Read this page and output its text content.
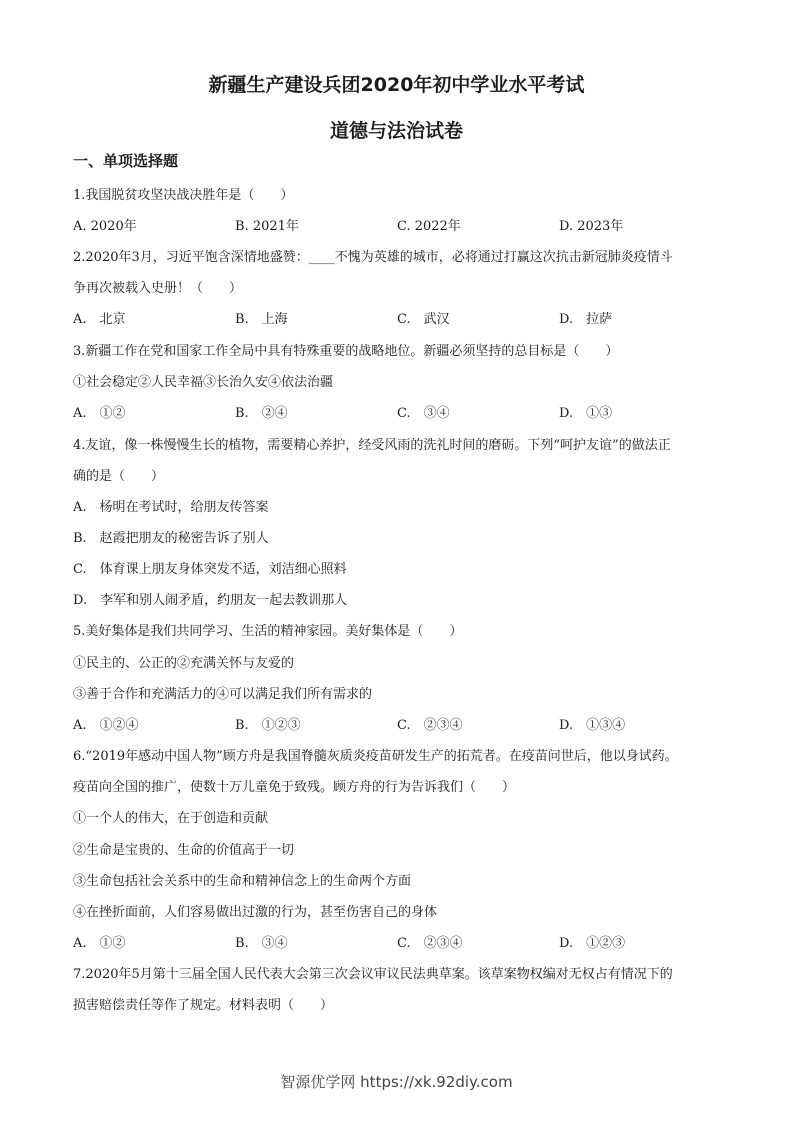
新疆生产建设兵团2020年初中学业水平考试
道德与法治试卷
一、单项选择题
1.我国脱贫攻坚决战决胜年是（　　）
A. 2020年	B. 2021年	C. 2022年	D. 2023年
2.2020年3月，习近平饱含深情地盛赞：____不愧为英雄的城市，必将通过打赢这次抗击新冠肺炎疫情斗
争再次被载入史册！（　　）
A.　北京	B.　上海	C.　武汉	D.　拉萨
3.新疆工作在党和国家工作全局中具有特殊重要的战略地位。新疆必须坚持的总目标是（　　）
①社会稳定②人民幸福③长治久安④依法治疆
A.　①②	B.　②④	C.　③④	D.　①③
4.友谊，像一株慢慢生长的植物，需要精心养护，经受风雨的洗礼时间的磨砺。下列“呵护友谊”的做法正
确的是（　　）
A.　杨明在考试时，给朋友传答案
B.　赵霞把朋友的秘密告诉了别人
C.　体育课上朋友身体突发不适，刘洁细心照料
D.　李军和别人闹矛盾，约朋友一起去教训那人
5.美好集体是我们共同学习、生活的精神家园。美好集体是（　　）
①民主的、公正的②充满关怀与友爱的
③善于合作和充满活力的④可以满足我们所有需求的
A.　①②④	B.　①②③	C.　②③④	D.　①③④
6.“2019年感动中国人物”顾方舟是我国脊髓灰质炎疫苗研发生产的拓荒者。在疫苗问世后，他以身试药。
疫苗向全国的推广，使数十万儿童免于致残。顾方舟的行为告诉我们（　　）
①一个人的伟大，在于创造和贡献
②生命是宝贵的、生命的价值高于一切
③生命包括社会关系中的生命和精神信念上的生命两个方面
④在挫折面前，人们容易做出过激的行为，甚至伤害自己的身体
A.　①②	B.　③④	C.　②③④	D.　①②③
7.2020年5月第十三届全国人民代表大会第三次会议审议民法典草案。该草案物权编对无权占有情况下的
损害赔偿责任等作了规定。材料表明（　　）
智源优学网 https://xk.92diy.com
